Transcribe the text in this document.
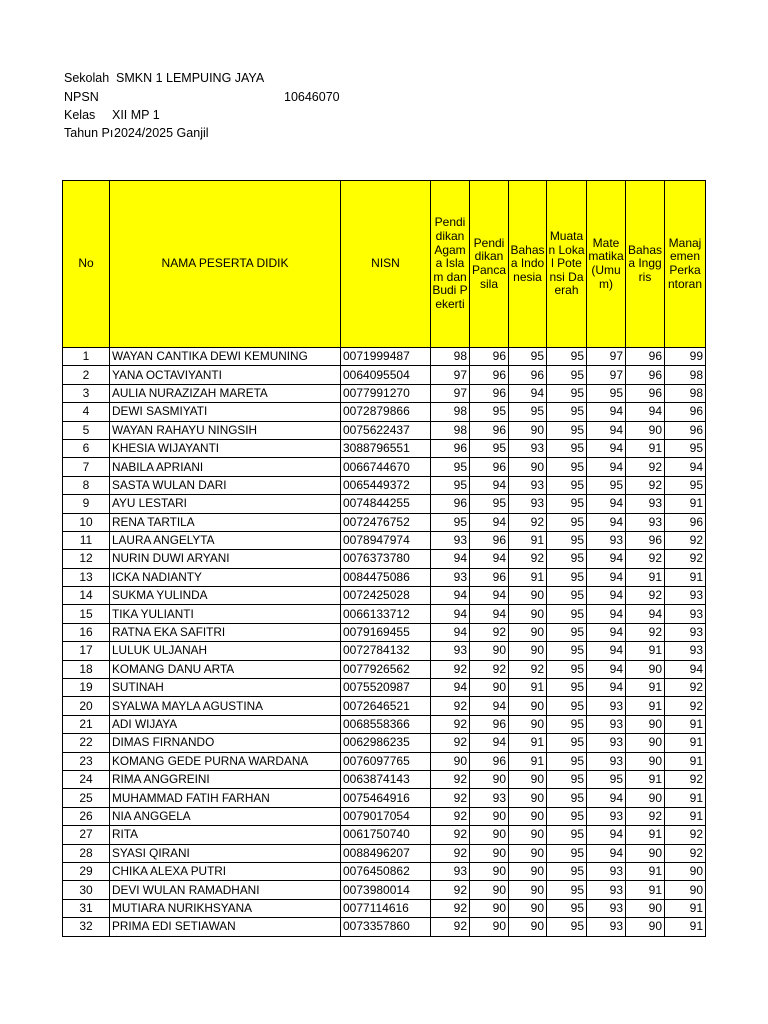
Sekolah SMKN 1 LEMPUING JAYA
NPSN	10646070
Kelas XII MP 1
Tahun Pı 2024/2025 Ganjil
No	NAMA PESERTA DIDIK	NISN	Pendidikan Agama Islam dan Budi Pekerti	Pendidikan Pancasila	Bahasa Indonesia	Muatan Lokal Potensi Daerah	Matematika (Umum)	Bahasa Inggris	Manajemen Perkantoran
1	WAYAN CANTIKA DEWI KEMUNING	0071999487	98	96	95	95	97	96	99
2	YANA OCTAVIYANTI	0064095504	97	96	96	95	97	96	98
3	AULIA NURAZIZAH MARETA	0077991270	97	96	94	95	95	96	98
4	DEWI SASMIYATI	0072879866	98	95	95	95	94	94	96
5	WAYAN RAHAYU NINGSIH	0075622437	98	96	90	95	94	90	96
6	KHESIA WIJAYANTI	3088796551	96	95	93	95	94	91	95
7	NABILA APRIANI	0066744670	95	96	90	95	94	92	94
8	SASTA WULAN DARI	0065449372	95	94	93	95	95	92	95
9	AYU LESTARI	0074844255	96	95	93	95	94	93	91
10	RENA TARTILA	0072476752	95	94	92	95	94	93	96
11	LAURA ANGELYTA	0078947974	93	96	91	95	93	96	92
12	NURIN DUWI ARYANI	0076373780	94	94	92	95	94	92	92
13	ICKA NADIANTY	0084475086	93	96	91	95	94	91	91
14	SUKMA YULINDA	0072425028	94	94	90	95	94	92	93
15	TIKA YULIANTI	0066133712	94	94	90	95	94	94	93
16	RATNA EKA SAFITRI	0079169455	94	92	90	95	94	92	93
17	LULUK ULJANAH	0072784132	93	90	90	95	94	91	93
18	KOMANG DANU ARTA	0077926562	92	92	92	95	94	90	94
19	SUTINAH	0075520987	94	90	91	95	94	91	92
20	SYALWA MAYLA AGUSTINA	0072646521	92	94	90	95	93	91	92
21	ADI WIJAYA	0068558366	92	96	90	95	93	90	91
22	DIMAS FIRNANDO	0062986235	92	94	91	95	93	90	91
23	KOMANG GEDE PURNA WARDANA	0076097765	90	96	91	95	93	90	91
24	RIMA ANGGREINI	0063874143	92	90	90	95	95	91	92
25	MUHAMMAD FATIH FARHAN	0075464916	92	93	90	95	94	90	91
26	NIA ANGGELA	0079017054	92	90	90	95	93	92	91
27	RITA	0061750740	92	90	90	95	94	91	92
28	SYASI QIRANI	0088496207	92	90	90	95	94	90	92
29	CHIKA ALEXA PUTRI	0076450862	93	90	90	95	93	91	90
30	DEVI WULAN RAMADHANI	0073980014	92	90	90	95	93	91	90
31	MUTIARA NURIKHSYANA	0077114616	92	90	90	95	93	90	91
32	PRIMA EDI SETIAWAN	0073357860	92	90	90	95	93	90	91
